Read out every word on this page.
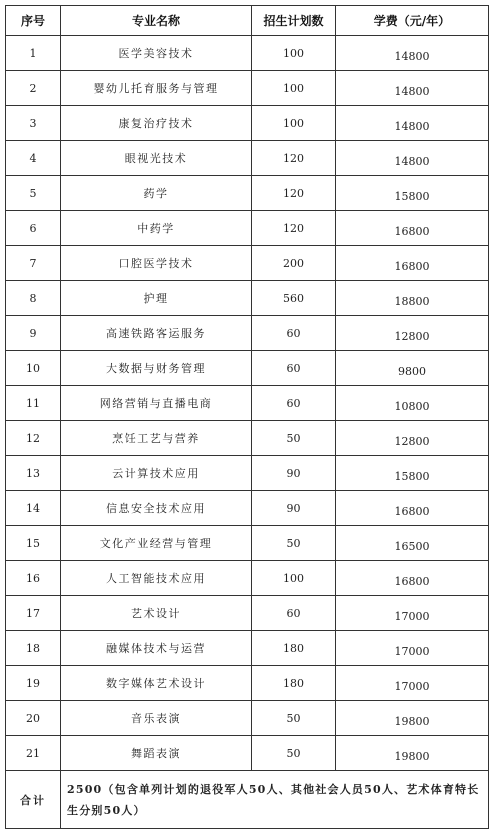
序号	专业名称	招生计划数	学费（元/年）
1	医学美容技术	100	14800
2	婴幼儿托育服务与管理	100	14800
3	康复治疗技术	100	14800
4	眼视光技术	120	14800
5	药学	120	15800
6	中药学	120	16800
7	口腔医学技术	200	16800
8	护理	560	18800
9	高速铁路客运服务	60	12800
10	大数据与财务管理	60	9800
11	网络营销与直播电商	60	10800
12	烹饪工艺与营养	50	12800
13	云计算技术应用	90	15800
14	信息安全技术应用	90	16800
15	文化产业经营与管理	50	16500
16	人工智能技术应用	100	16800
17	艺术设计	60	17000
18	融媒体技术与运营	180	17000
19	数字媒体艺术设计	180	17000
20	音乐表演	50	19800
21	舞蹈表演	50	19800
合计	2500（包含单列计划的退役军人50人、其他社会人员50人、艺术体育特长生分别50人）		
